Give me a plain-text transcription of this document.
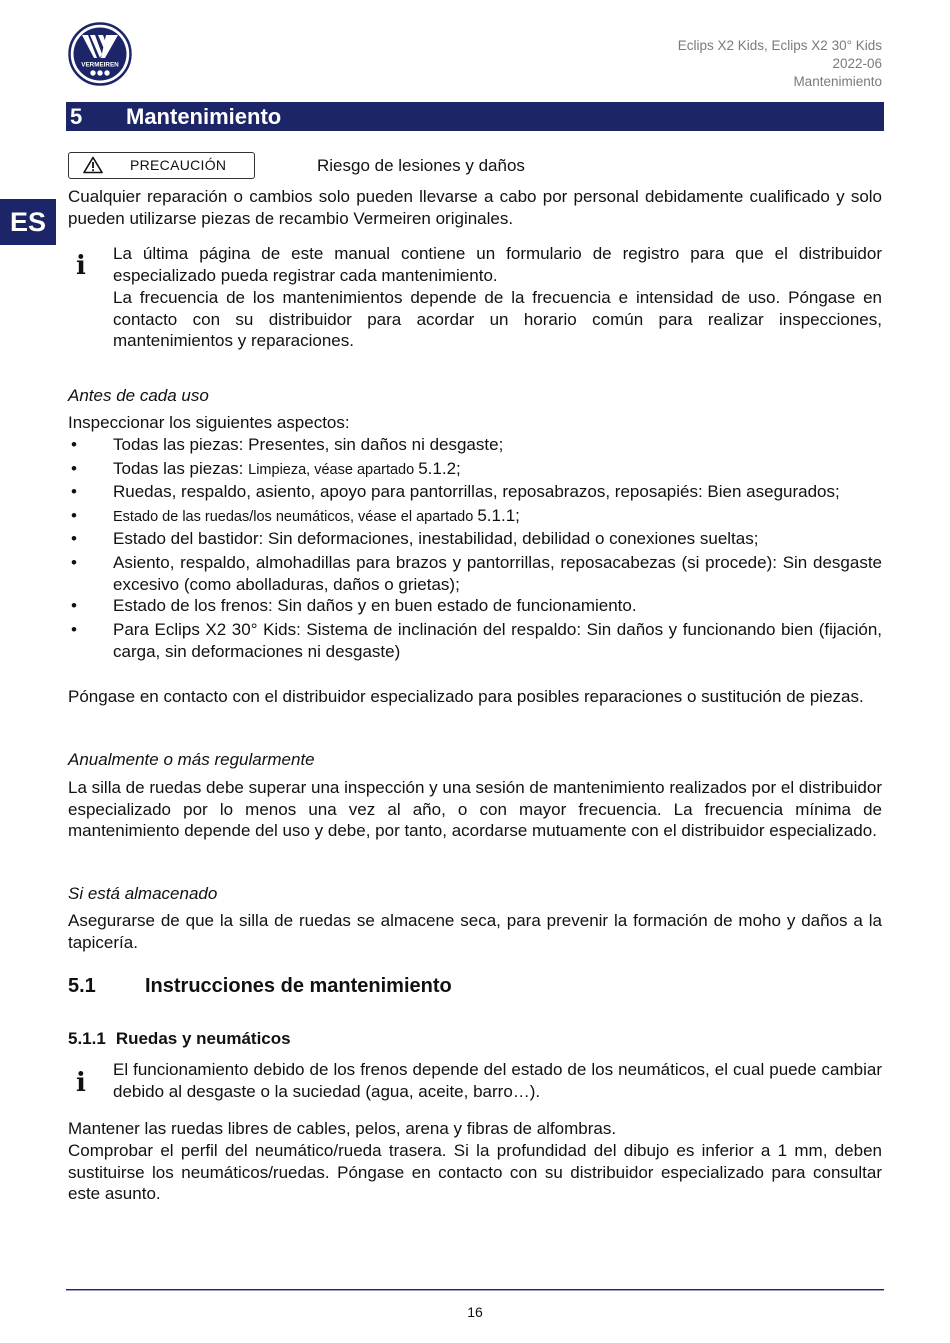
VERMEIREN
Eclips X2 Kids, Eclips X2 30° Kids
2022-06
Mantenimiento
5 Mantenimiento
ES
PRECAUCIÓN	Riesgo de lesiones y daños
Cualquier reparación o cambios solo pueden llevarse a cabo por personal debidamente cualificado y solo pueden utilizarse piezas de recambio Vermeiren originales.
i La última página de este manual contiene un formulario de registro para que el distribuidor especializado pueda registrar cada mantenimiento.
La frecuencia de los mantenimientos depende de la frecuencia e intensidad de uso. Póngase en contacto con su distribuidor para acordar un horario común para realizar inspecciones, mantenimientos y reparaciones.
Antes de cada uso
Inspeccionar los siguientes aspectos:
• Todas las piezas: Presentes, sin daños ni desgaste;
• Todas las piezas: Limpieza, véase apartado 5.1.2;
• Ruedas, respaldo, asiento, apoyo para pantorrillas, reposabrazos, reposapiés: Bien asegurados;
• Estado de las ruedas/los neumáticos, véase el apartado 5.1.1;
• Estado del bastidor: Sin deformaciones, inestabilidad, debilidad o conexiones sueltas;
• Asiento, respaldo, almohadillas para brazos y pantorrillas, reposacabezas (si procede): Sin desgaste excesivo (como abolladuras, daños o grietas);
• Estado de los frenos: Sin daños y en buen estado de funcionamiento.
• Para Eclips X2 30° Kids: Sistema de inclinación del respaldo: Sin daños y funcionando bien (fijación, carga, sin deformaciones ni desgaste)
Póngase en contacto con el distribuidor especializado para posibles reparaciones o sustitución de piezas.
Anualmente o más regularmente
La silla de ruedas debe superar una inspección y una sesión de mantenimiento realizados por el distribuidor especializado por lo menos una vez al año, o con mayor frecuencia. La frecuencia mínima de mantenimiento depende del uso y debe, por tanto, acordarse mutuamente con el distribuidor especializado.
Si está almacenado
Asegurarse de que la silla de ruedas se almacene seca, para prevenir la formación de moho y daños a la tapicería.
5.1 Instrucciones de mantenimiento
5.1.1 Ruedas y neumáticos
i El funcionamiento debido de los frenos depende del estado de los neumáticos, el cual puede cambiar debido al desgaste o la suciedad (agua, aceite, barro…).
Mantener las ruedas libres de cables, pelos, arena y fibras de alfombras.
Comprobar el perfil del neumático/rueda trasera. Si la profundidad del dibujo es inferior a 1 mm, deben sustituirse los neumáticos/ruedas. Póngase en contacto con su distribuidor especializado para consultar este asunto.
16
